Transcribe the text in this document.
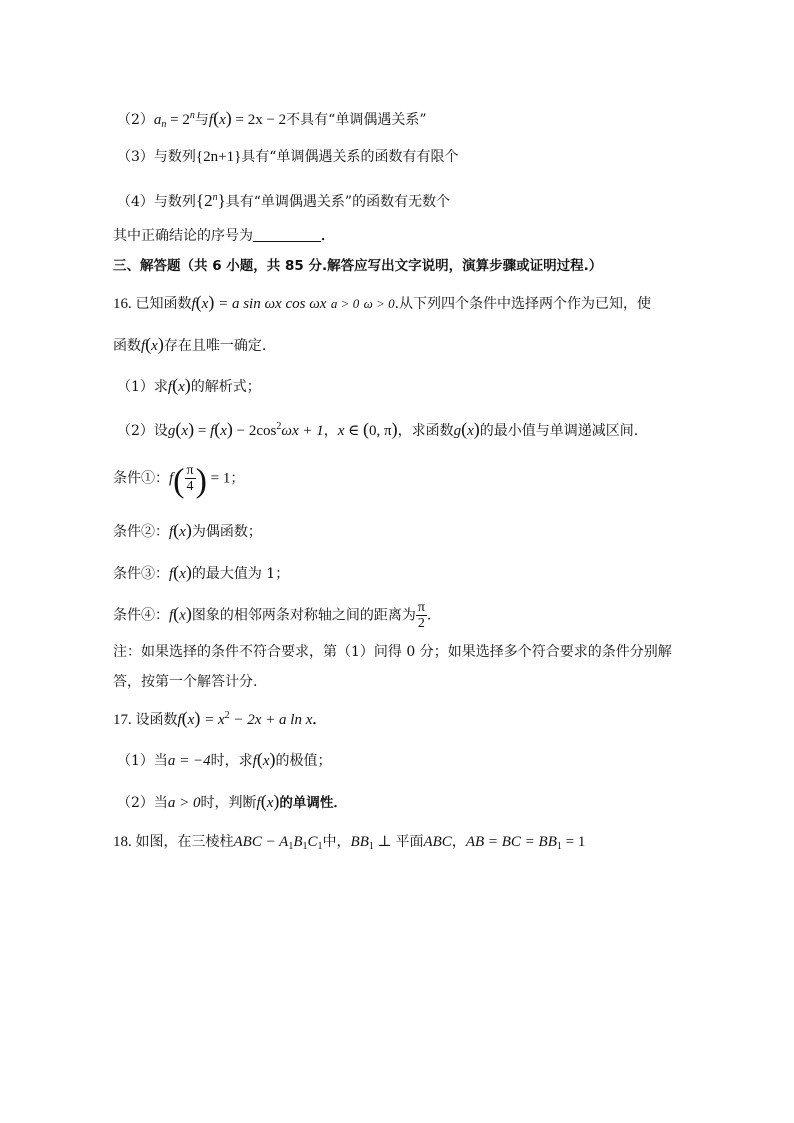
$(2)a_n = 2^n$与f(x) = 2x − 2不具有“单调偶遇关系”
（3）与数列{2n+1}具有“单调偶遇关系的函数有有限个
（4）与数列{2$^n$}具有“单调偶遇关系”的函数有无数个
其中正确结论的序号为	．
三、解答题（共 6 小题，共 85 分.解答应写出文字说明，演算步骤或证明过程.）
16. 已知函数f(x) = a sin ωx cos ωx a > 0 ω > 0.从下列四个条件中选择两个作为已知，使
函数f(x)存在且唯一确定.
（1）求f(x)的解析式；
（2）设$g(x) = f(x) - 2\cos^2\omega x + 1$，x ∈ (0, π)，求函数g(x)的最小值与单调递减区间.
条件①：$f( \frac{\pi}{4}$ ) = 1；
条件②：f(x)为偶函数；
条件③：f(x)的最大值为 1；
条件④：f(x)图象的相邻两条对称轴之间的距离为 $\frac{\pi}{2}$ .
注：如果选择的条件不符合要求，第（1）问得 0 分；如果选择多个符合要求的条件分别解
答，按第一个解答计分.
17. 设函数$f(x) = x^2 - 2x + a$ ln x．
（1）当a = −4时，求f(x)的极值；
（2）当a > 0时，判断f(x)的单调性．
18. 如图，在三棱柱ABC − $A_1B_1C_1$中，$BB_1$ ⊥ 平面ABC，AB = BC = $BB_1 = 1$
